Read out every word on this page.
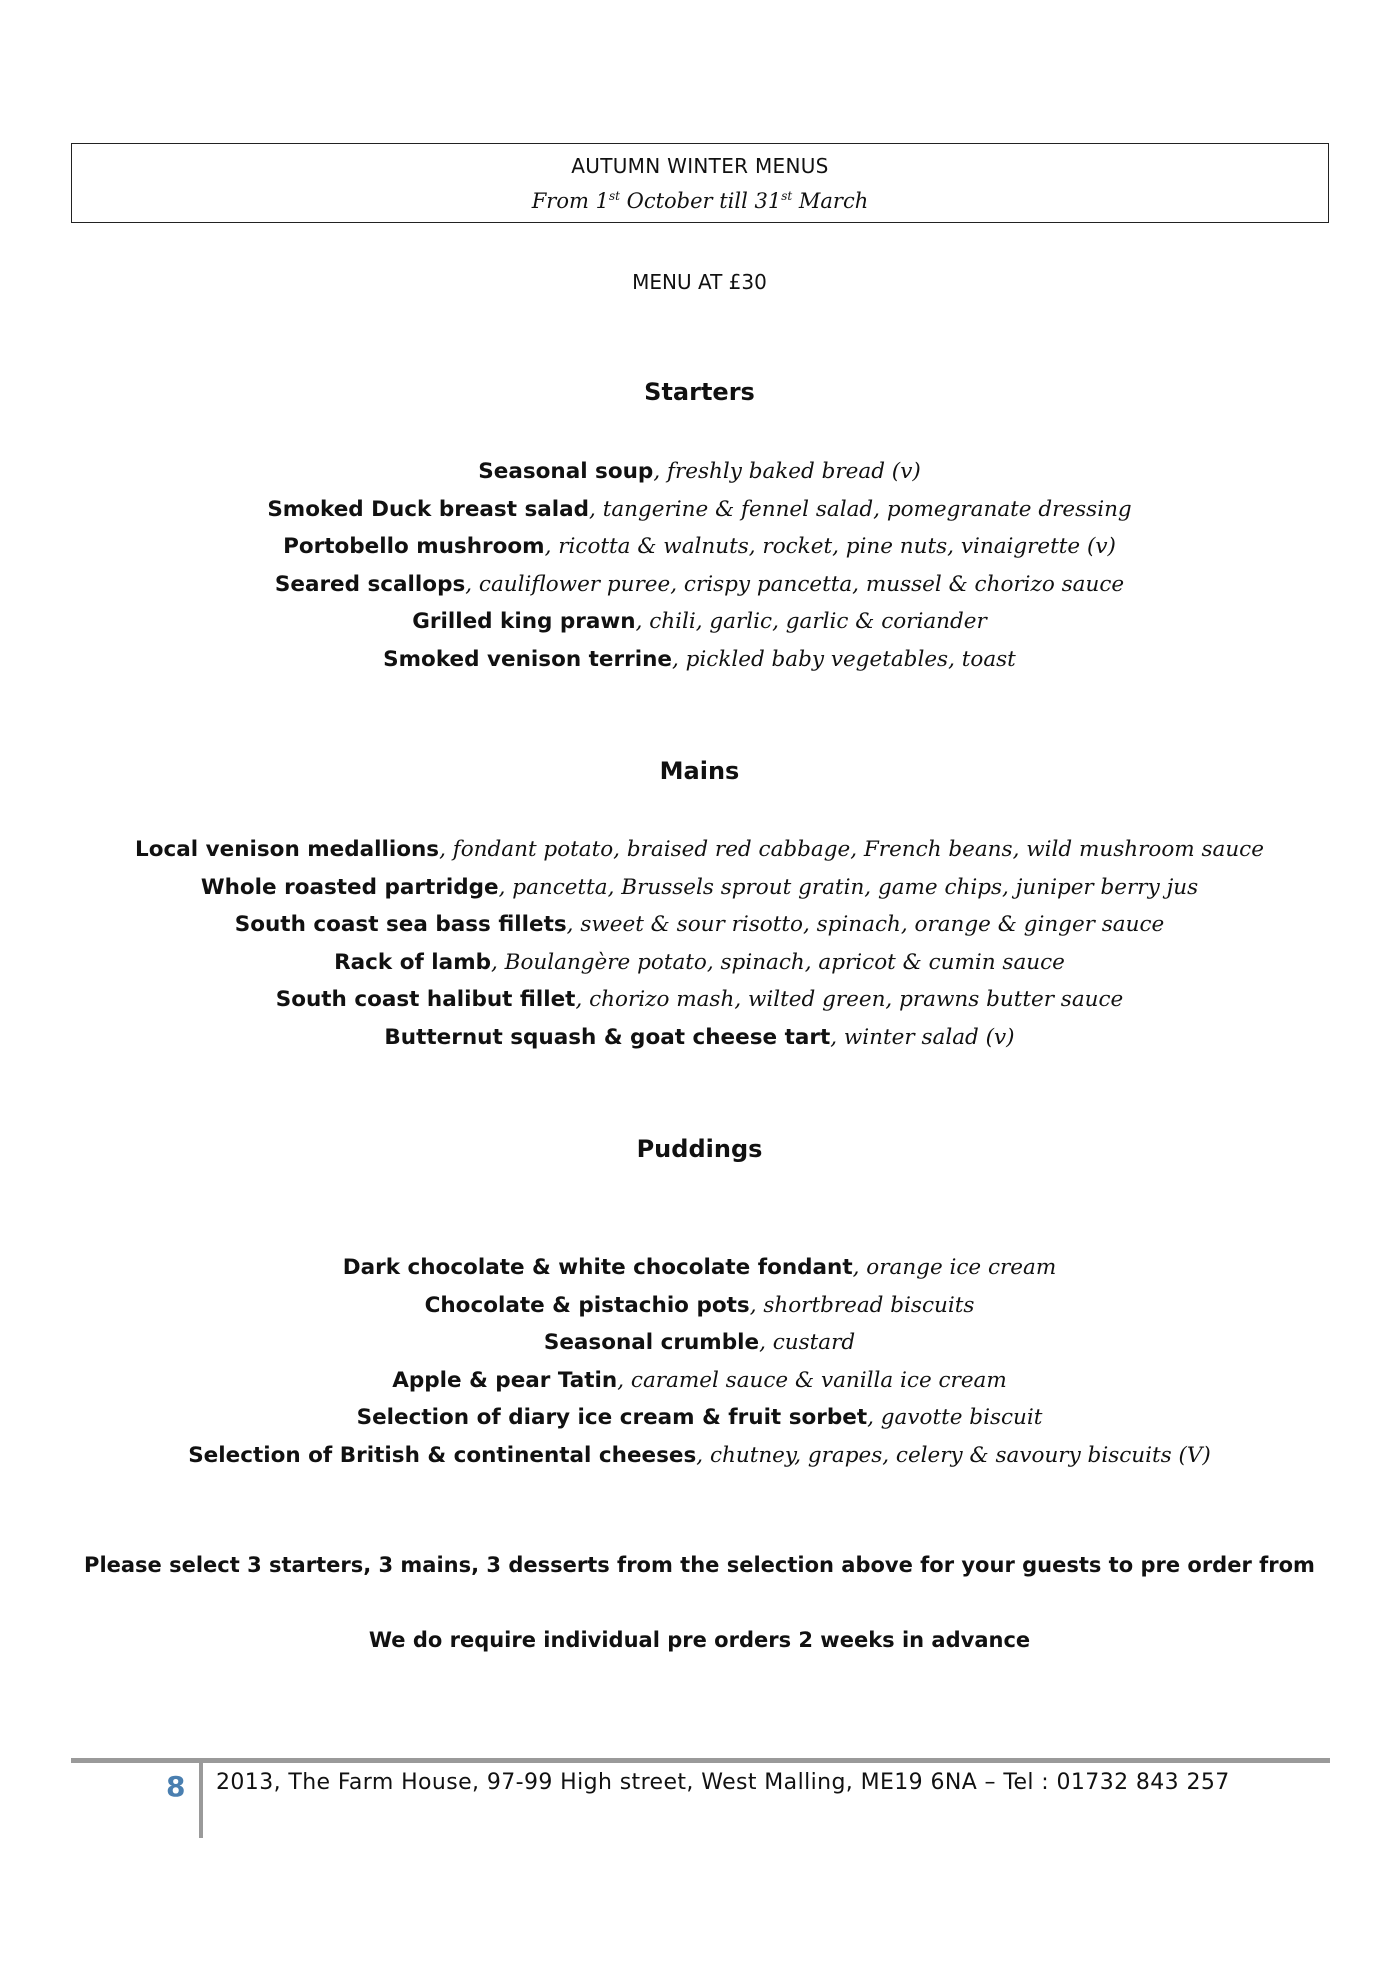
AUTUMN WINTER MENUS
From 1st October till 31st March
MENU AT £30
Starters
Seasonal soup, freshly baked bread (v)
Smoked Duck breast salad, tangerine & fennel salad, pomegranate dressing
Portobello mushroom, ricotta & walnuts, rocket, pine nuts, vinaigrette (v)
Seared scallops, cauliflower puree, crispy pancetta, mussel & chorizo sauce
Grilled king prawn, chili, garlic, garlic & coriander
Smoked venison terrine, pickled baby vegetables, toast
Mains
Local venison medallions, fondant potato, braised red cabbage, French beans, wild mushroom sauce
Whole roasted partridge, pancetta, Brussels sprout gratin, game chips, juniper berry jus
South coast sea bass fillets, sweet & sour risotto, spinach, orange & ginger sauce
Rack of lamb, Boulangère potato, spinach, apricot & cumin sauce
South coast halibut fillet, chorizo mash, wilted green, prawns butter sauce
Butternut squash & goat cheese tart, winter salad (v)
Puddings
Dark chocolate & white chocolate fondant, orange ice cream
Chocolate & pistachio pots, shortbread biscuits
Seasonal crumble, custard
Apple & pear Tatin, caramel sauce & vanilla ice cream
Selection of diary ice cream & fruit sorbet, gavotte biscuit
Selection of British & continental cheeses, chutney, grapes, celery & savoury biscuits (V)
Please select 3 starters, 3 mains, 3 desserts from the selection above for your guests to pre order from
We do require individual pre orders 2 weeks in advance
8 2013, The Farm House, 97-99 High street, West Malling, ME19 6NA – Tel : 01732 843 257
